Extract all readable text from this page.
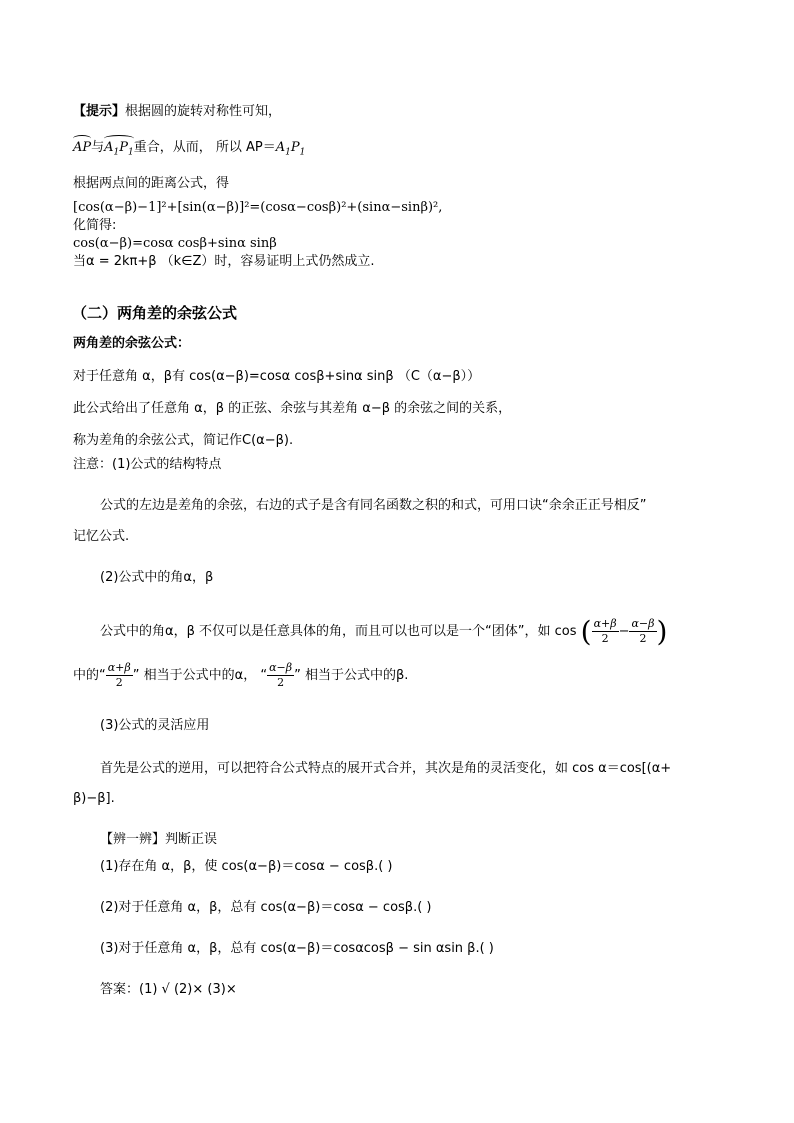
【提示】根据圆的旋转对称性可知，
AP与$A_1P_1$重合，从而， 所以 $AP=A_1P_1$
根据两点间的距离公式，得
[cos(α−β)−1]²+[sin(α−β)]²=(cosα−cosβ)²+(sinα−sinβ)²,
化简得:
cos(α−β)=cosα cosβ+sinα sinβ
当α = 2kπ+β （k∈Z）时，容易证明上式仍然成立.
（二）两角差的余弦公式
两角差的余弦公式：
对于任意角 α，β有 cos(α−β)=cosα cosβ+sinα sinβ （C（α−β））
此公式给出了任意角 α，β 的正弦、余弦与其差角 α−β 的余弦之间的关系，
称为差角的余弦公式，简记作C(α−β).
注意：(1)公式的结构特点
公式的左边是差角的余弦，右边的式子是含有同名函数之积的和式，可用口诀“余余正正号相反”
记忆公式.
(2)公式中的角α，β
公式中的角α，β 不仅可以是任意具体的角，而且可以也可以是一个“团体”，如 cos ( $\frac{\alpha+\beta}{2} - \frac{\alpha-\beta}{2}$ )
中的“ $\frac{\alpha+\beta}{2}$ ” 相当于公式中的α， “ $\frac{\alpha-\beta}{2}$ ” 相当于公式中的β.
(3)公式的灵活应用
首先是公式的逆用，可以把符合公式特点的展开式合并，其次是角的灵活变化，如 cos α＝cos[(α+
β)−β].
【辨一辨】判断正误
(1)存在角 α，β，使 cos(α−β)＝cosα − cosβ.( )
(2)对于任意角 α，β，总有 cos(α−β)＝cosα − cosβ.( )
(3)对于任意角 α，β，总有 cos(α−β)＝cosαcosβ − sin αsin β.( )
答案：(1) √ (2)× (3)×
